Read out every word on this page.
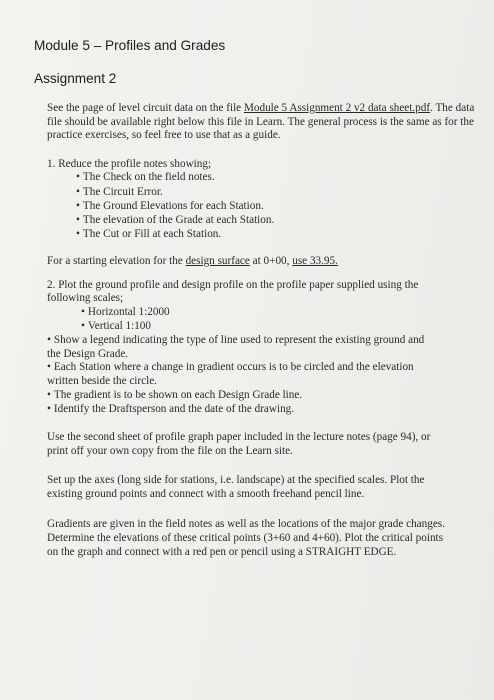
Module 5 – Profiles and Grades
Assignment 2
See the page of level circuit data on the file Module 5 Assignment 2 v2 data sheet.pdf. The data file should be available right below this file in Learn. The general process is the same as for the practice exercises, so feel free to use that as a guide.
1. Reduce the profile notes showing;
• The Check on the field notes.
• The Circuit Error.
• The Ground Elevations for each Station.
• The elevation of the Grade at each Station.
• The Cut or Fill at each Station.
For a starting elevation for the design surface at 0+00, use 33.95.
2. Plot the ground profile and design profile on the profile paper supplied using the
following scales;
• Horizontal 1:2000
• Vertical 1:100
• Show a legend indicating the type of line used to represent the existing ground and
the Design Grade.
• Each Station where a change in gradient occurs is to be circled and the elevation
written beside the circle.
• The gradient is to be shown on each Design Grade line.
• Identify the Draftsperson and the date of the drawing.
Use the second sheet of profile graph paper included in the lecture notes (page 94), or
print off your own copy from the file on the Learn site.
Set up the axes (long side for stations, i.e. landscape) at the specified scales. Plot the
existing ground points and connect with a smooth freehand pencil line.
Gradients are given in the field notes as well as the locations of the major grade changes.
Determine the elevations of these critical points (3+60 and 4+60). Plot the critical points
on the graph and connect with a red pen or pencil using a STRAIGHT EDGE.
